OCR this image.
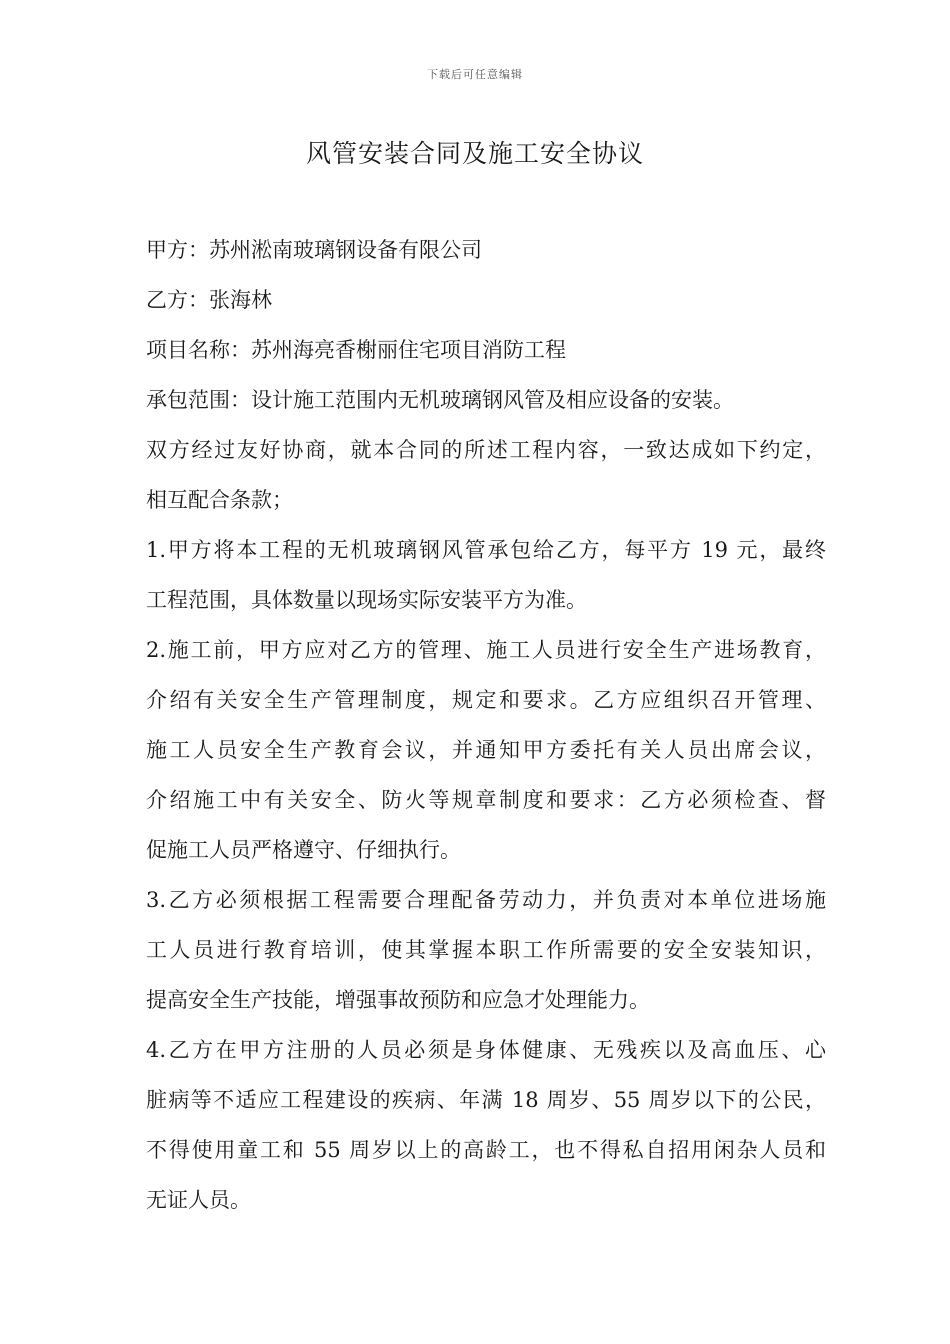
下载后可任意编辑
风管安装合同及施工安全协议
甲方：苏州淞南玻璃钢设备有限公司
乙方：张海林
项目名称：苏州海亮香榭丽住宅项目消防工程
承包范围：设计施工范围内无机玻璃钢风管及相应设备的安装。
双方经过友好协商，就本合同的所述工程内容，一致达成如下约定，
相互配合条款；
1.甲方将本工程的无机玻璃钢风管承包给乙方，每平方 19 元，最终
工程范围，具体数量以现场实际安装平方为准。
2.施工前，甲方应对乙方的管理、施工人员进行安全生产进场教育，
介绍有关安全生产管理制度，规定和要求。乙方应组织召开管理、
施工人员安全生产教育会议，并通知甲方委托有关人员出席会议，
介绍施工中有关安全、防火等规章制度和要求：乙方必须检查、督
促施工人员严格遵守、仔细执行。
3.乙方必须根据工程需要合理配备劳动力，并负责对本单位进场施
工人员进行教育培训，使其掌握本职工作所需要的安全安装知识，
提高安全生产技能，增强事故预防和应急才处理能力。
4.乙方在甲方注册的人员必须是身体健康、无残疾以及高血压、心
脏病等不适应工程建设的疾病、年满 18 周岁、55 周岁以下的公民，
不得使用童工和 55 周岁以上的高龄工，也不得私自招用闲杂人员和
无证人员。
